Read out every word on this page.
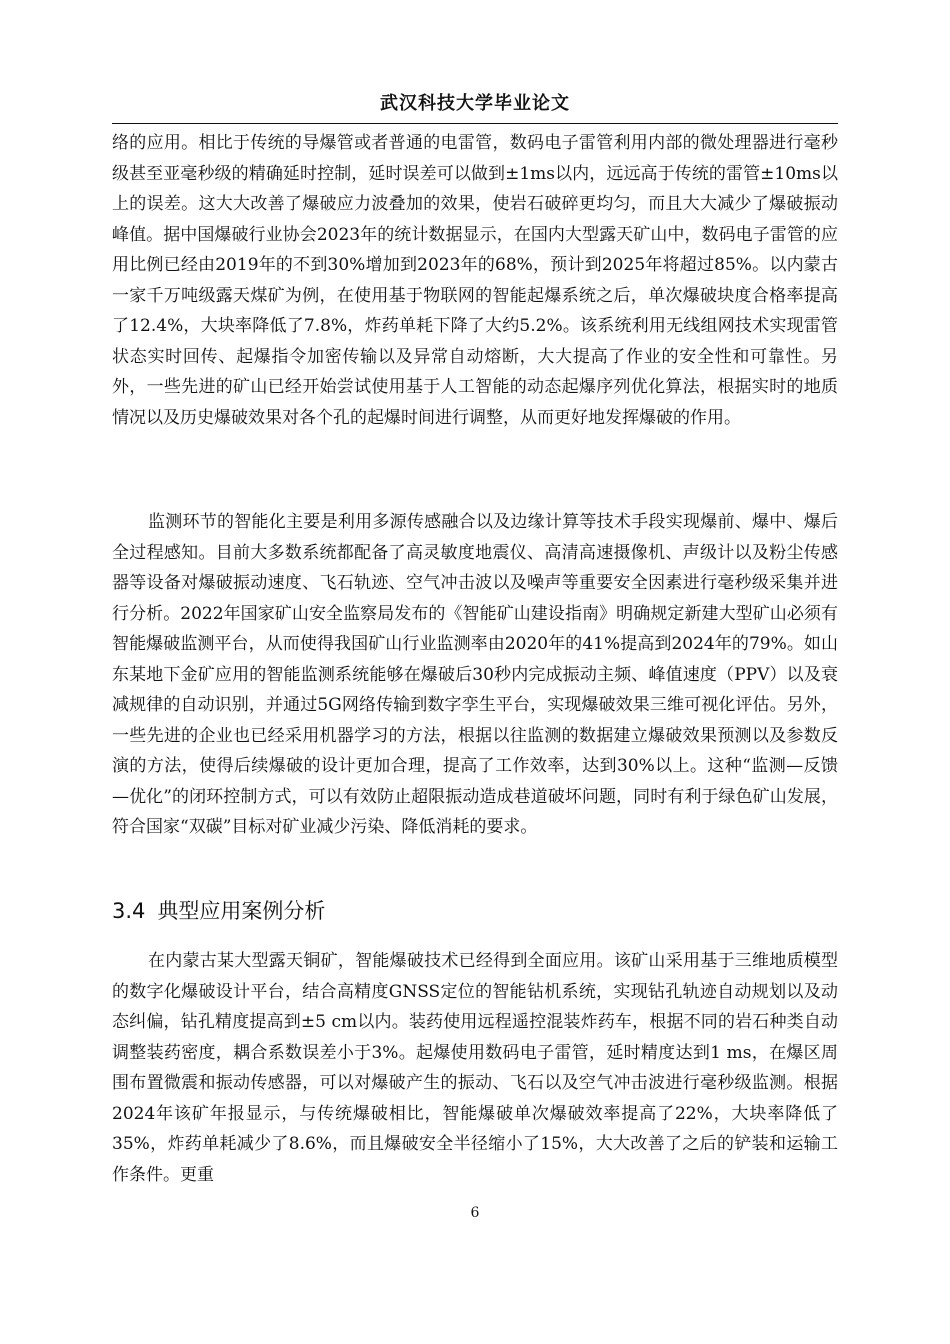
武汉科技大学毕业论文

络的应用。相比于传统的导爆管或者普通的电雷管，数码电子雷管利用内部的微处理器进行毫秒级甚至亚毫秒级的精确延时控制，延时误差可以做到±1ms以内，远远高于传统的雷管±10ms以上的误差。这大大改善了爆破应力波叠加的效果，使岩石破碎更均匀，而且大大减少了爆破振动峰值。据中国爆破行业协会2023年的统计数据显示，在国内大型露天矿山中，数码电子雷管的应用比例已经由2019年的不到30%增加到2023年的68%，预计到2025年将超过85%。以内蒙古一家千万吨级露天煤矿为例，在使用基于物联网的智能起爆系统之后，单次爆破块度合格率提高了12.4%，大块率降低了7.8%，炸药单耗下降了大约5.2%。该系统利用无线组网技术实现雷管状态实时回传、起爆指令加密传输以及异常自动熔断，大大提高了作业的安全性和可靠性。另外，一些先进的矿山已经开始尝试使用基于人工智能的动态起爆序列优化算法，根据实时的地质情况以及历史爆破效果对各个孔的起爆时间进行调整，从而更好地发挥爆破的作用。

监测环节的智能化主要是利用多源传感融合以及边缘计算等技术手段实现爆前、爆中、爆后全过程感知。目前大多数系统都配备了高灵敏度地震仪、高清高速摄像机、声级计以及粉尘传感器等设备对爆破振动速度、飞石轨迹、空气冲击波以及噪声等重要安全因素进行毫秒级采集并进行分析。2022年国家矿山安全监察局发布的《智能矿山建设指南》明确规定新建大型矿山必须有智能爆破监测平台，从而使得我国矿山行业监测率由2020年的41%提高到2024年的79%。如山东某地下金矿应用的智能监测系统能够在爆破后30秒内完成振动主频、峰值速度（PPV）以及衰减规律的自动识别，并通过5G网络传输到数字孪生平台，实现爆破效果三维可视化评估。另外，一些先进的企业也已经采用机器学习的方法，根据以往监测的数据建立爆破效果预测以及参数反演的方法，使得后续爆破的设计更加合理，提高了工作效率，达到30%以上。这种“监测—反馈—优化”的闭环控制方式，可以有效防止超限振动造成巷道破坏问题，同时有利于绿色矿山发展，符合国家“双碳”目标对矿业减少污染、降低消耗的要求。

3.4 典型应用案例分析

在内蒙古某大型露天铜矿，智能爆破技术已经得到全面应用。该矿山采用基于三维地质模型的数字化爆破设计平台，结合高精度GNSS定位的智能钻机系统，实现钻孔轨迹自动规划以及动态纠偏，钻孔精度提高到±5 cm以内。装药使用远程遥控混装炸药车，根据不同的岩石种类自动调整装药密度，耦合系数误差小于3%。起爆使用数码电子雷管，延时精度达到1 ms，在爆区周围布置微震和振动传感器，可以对爆破产生的振动、飞石以及空气冲击波进行毫秒级监测。根据2024年该矿年报显示，与传统爆破相比，智能爆破单次爆破效率提高了22%，大块率降低了35%，炸药单耗减少了8.6%，而且爆破安全半径缩小了15%，大大改善了之后的铲装和运输工作条件。更重

6
